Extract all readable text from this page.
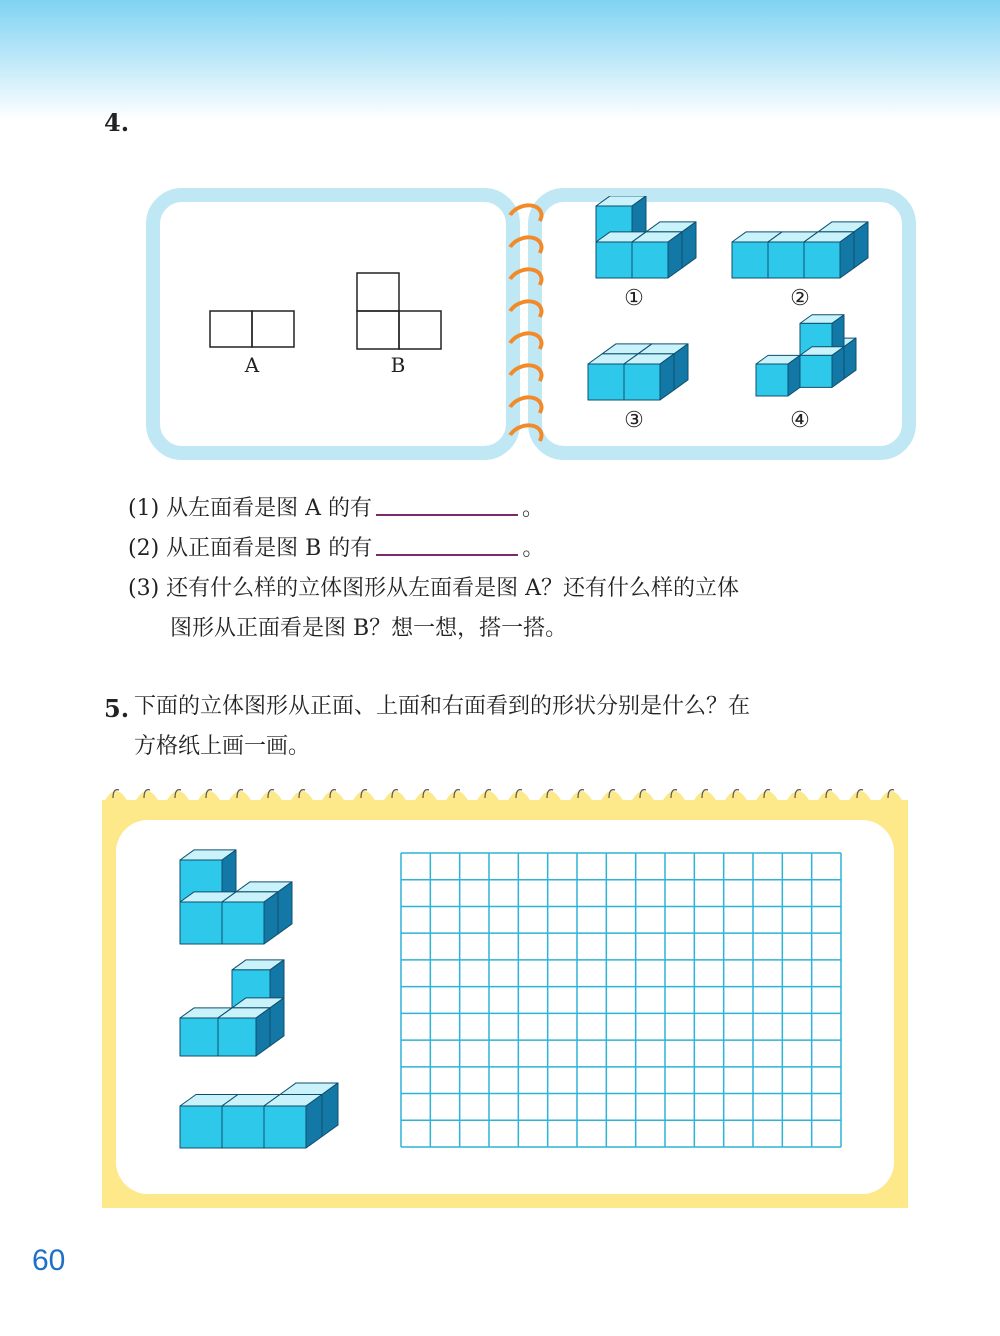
4.
A	B
①	②
③	④
(1) 从左面看是图 A 的有	。
(2) 从正面看是图 B 的有	。
(3) 还有什么样的立体图形从左面看是图 A？还有什么样的立体
图形从正面看是图 B？想一想，搭一搭。
5. 下面的立体图形从正面、上面和右面看到的形状分别是什么？在
方格纸上画一画。
60
